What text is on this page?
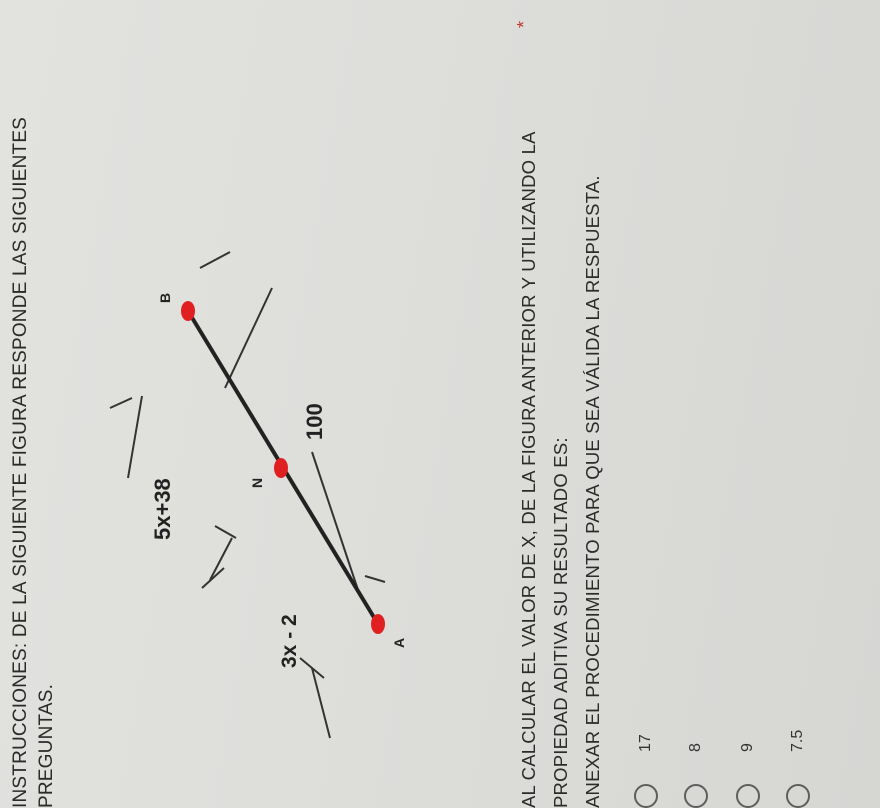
INSTRUCCIONES: DE LA SIGUIENTE FIGURA RESPONDE LAS SIGUIENTES PREGUNTAS.
A
N
B
3x - 2
5x+38
100	AL CALCULAR EL VALOR DE X, DE LA FIGURA ANTERIOR Y UTILIZANDO LA
*
PROPIEDAD ADITIVA SU RESULTADO ES: ANEXAR EL PROCEDIMIENTO PARA QUE SEA VÁLIDA LA RESPUESTA. 17 8 9 7.5
